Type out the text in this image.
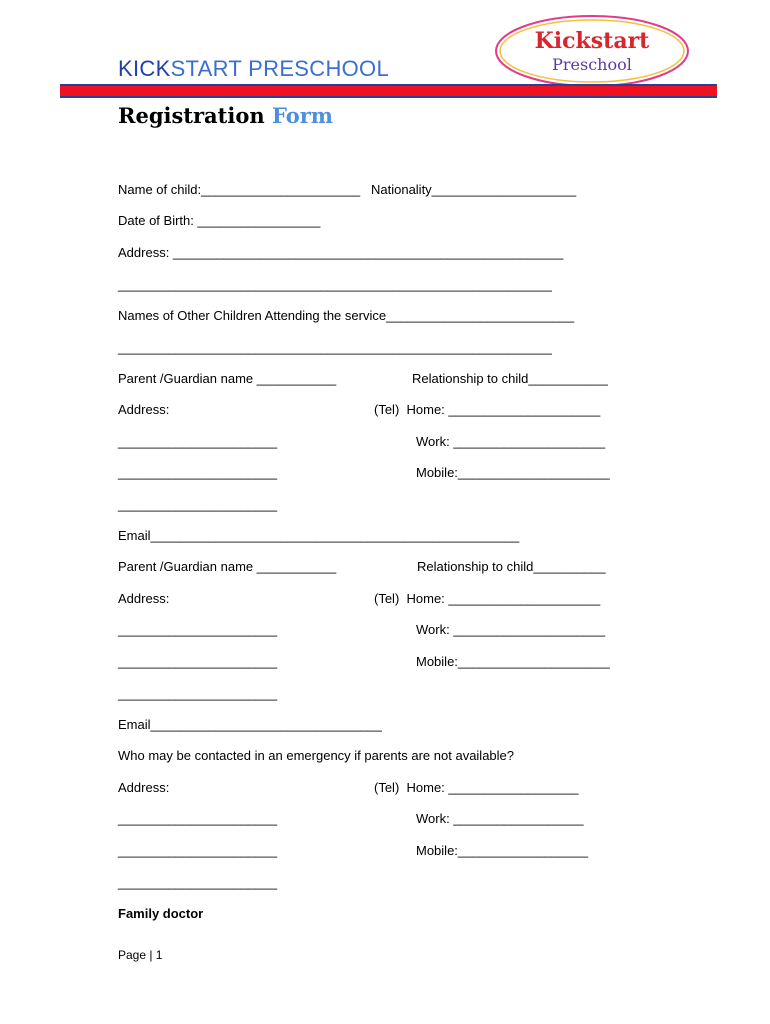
KICKSTART PRESCHOOL
Kickstart
Preschool
Registration Form
Name of child:______________________   Nationality____________________
Date of Birth: _________________
Address: ______________________________________________________
____________________________________________________________
Names of Other Children Attending the service__________________________
____________________________________________________________
Parent /Guardian name ___________	Relationship to child___________
Address:	(Tel)  Home: _____________________
______________________	Work: _____________________
______________________	Mobile:_____________________
______________________
Email___________________________________________________
Parent /Guardian name ___________	Relationship to child__________
Address:	(Tel)  Home: _____________________
______________________	Work: _____________________
______________________	Mobile:_____________________
______________________
Email________________________________
Who may be contacted in an emergency if parents are not available?
Address:	(Tel)  Home: __________________
______________________	Work: __________________
______________________	Mobile:__________________
______________________
Family doctor
Page | 1
